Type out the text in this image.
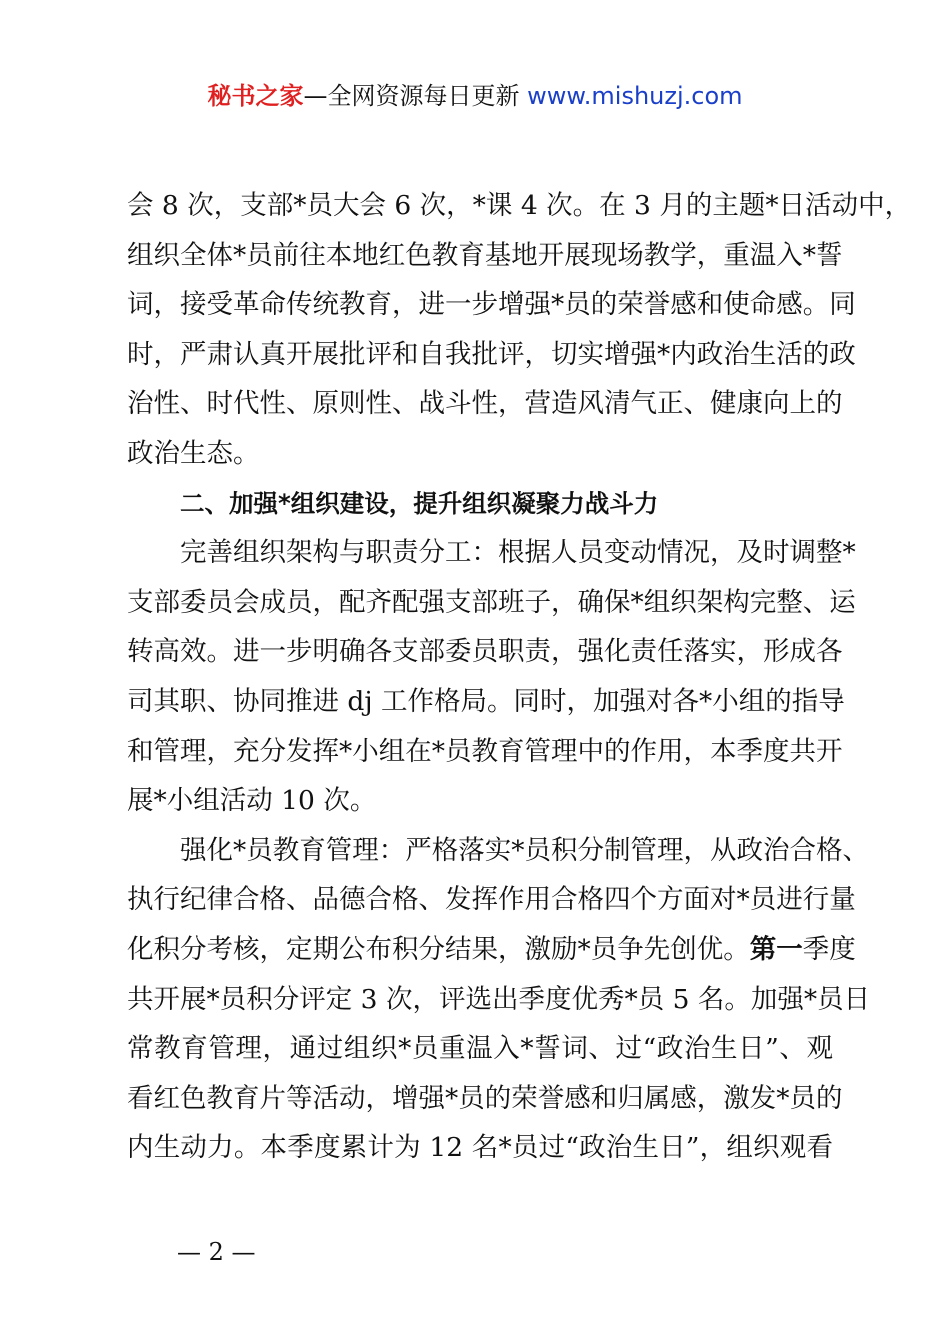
秘书之家—全网资源每日更新 www.mishuzj.com
会 8 次，支部*员大会 6 次，*课 4 次。在 3 月的主题*日活动中，
组织全体*员前往本地红色教育基地开展现场教学，重温入*誓
词，接受革命传统教育，进一步增强*员的荣誉感和使命感。同
时，严肃认真开展批评和自我批评，切实增强*内政治生活的政
治性、时代性、原则性、战斗性，营造风清气正、健康向上的
政治生态。
二、加强*组织建设，提升组织凝聚力战斗力
完善组织架构与职责分工：根据人员变动情况，及时调整*
支部委员会成员，配齐配强支部班子，确保*组织架构完整、运
转高效。进一步明确各支部委员职责，强化责任落实，形成各
司其职、协同推进 dj 工作格局。同时，加强对各*小组的指导
和管理，充分发挥*小组在*员教育管理中的作用，本季度共开
展*小组活动 10 次。
强化*员教育管理：严格落实*员积分制管理，从政治合格、
执行纪律合格、品德合格、发挥作用合格四个方面对*员进行量
化积分考核，定期公布积分结果，激励*员争先创优。第一季度
共开展*员积分评定 3 次，评选出季度优秀*员 5 名。加强*员日
常教育管理，通过组织*员重温入*誓词、过“政治生日”、观
看红色教育片等活动，增强*员的荣誉感和归属感，激发*员的
内生动力。本季度累计为 12 名*员过“政治生日”，组织观看
— 2 —
